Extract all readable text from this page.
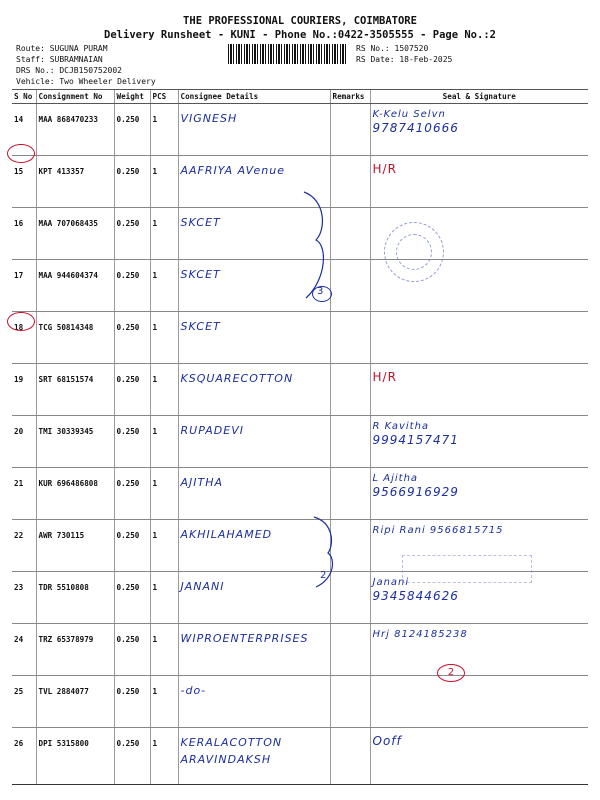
THE PROFESSIONAL COURIERS, COIMBATORE
Delivery Runsheet - KUNI - Phone No.:0422-3505555 - Page No.:2
Route: SUGUNA PURAM
Staff: SUBRAMNAIAN
DRS No.: DCJB150752002
Vehicle: Two Wheeler Delivery
RS No.: 1507520
RS Date: 18-Feb-2025
S No	Consignment No	Weight	PCS	Consignee Details	Remarks	Seal & Signature
14	MAA 868470233	0.250	1	VIGNESH		K-Kelu Selvn
9787410666

15	KPT 413357	0.250	1	AAFRIYA AVenue		H/R

16	MAA 707068435	0.250	1	SKCET		

17	MAA 944604374	0.250	1	SKCET		

18	TCG 50814348	0.250	1	SKCET		

19	SRT 68151574	0.250	1	KSQUARECOTTON		H/R

20	TMI 30339345	0.250	1	RUPADEVI		R Kavitha
9994157471

21	KUR 696486808	0.250	1	AJITHA		L Ajitha
9566916929

22	AWR 730115	0.250	1	AKHILAHAMED		Ripi Rani 9566815715

23	TDR 5510808	0.250	1	JANANI		Janani
9345844626

24	TRZ 65378979	0.250	1	WIPROENTERPRISES		Hrj 8124185238

25	TVL 2884077	0.250	1	-do-		

26	DPI 5315800	0.250	1	KERALACOTTON
ARAVINDAKSH		Ooff
3
2
2
